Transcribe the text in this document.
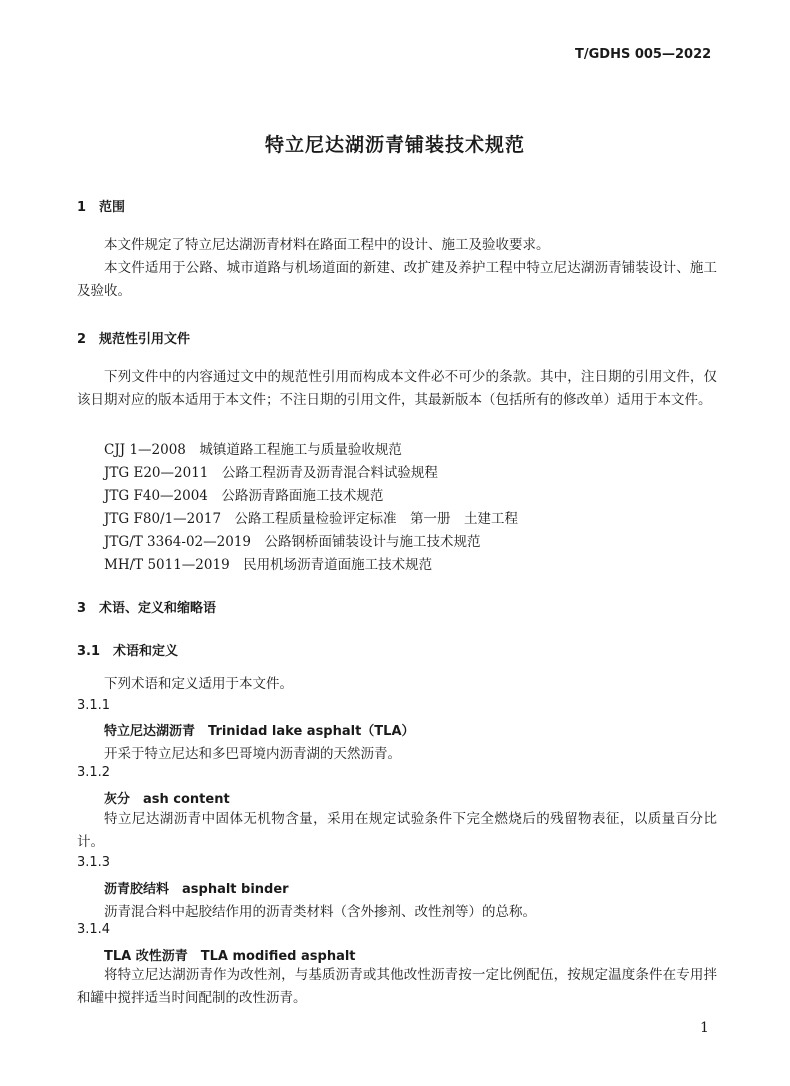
T/GDHS 005—2022
特立尼达湖沥青铺装技术规范
1　范围
本文件规定了特立尼达湖沥青材料在路面工程中的设计、施工及验收要求。
本文件适用于公路、城市道路与机场道面的新建、改扩建及养护工程中特立尼达湖沥青铺装设计、施工及验收。
2　规范性引用文件
下列文件中的内容通过文中的规范性引用而构成本文件必不可少的条款。其中，注日期的引用文件，仅该日期对应的版本适用于本文件；不注日期的引用文件，其最新版本（包括所有的修改单）适用于本文件。
CJJ 1—2008　城镇道路工程施工与质量验收规范
JTG E20—2011　公路工程沥青及沥青混合料试验规程
JTG F40—2004　公路沥青路面施工技术规范
JTG F80/1—2017　公路工程质量检验评定标准　第一册　土建工程
JTG/T 3364-02—2019　公路钢桥面铺装设计与施工技术规范
MH/T 5011—2019　民用机场沥青道面施工技术规范
3　术语、定义和缩略语
3.1　术语和定义
下列术语和定义适用于本文件。
3.1.1
特立尼达湖沥青　Trinidad lake asphalt（TLA）
开采于特立尼达和多巴哥境内沥青湖的天然沥青。
3.1.2
灰分　ash content
特立尼达湖沥青中固体无机物含量，采用在规定试验条件下完全燃烧后的残留物表征，以质量百分比计。
3.1.3
沥青胶结料　asphalt binder
沥青混合料中起胶结作用的沥青类材料（含外掺剂、改性剂等）的总称。
3.1.4
TLA 改性沥青　TLA modified asphalt
将特立尼达湖沥青作为改性剂，与基质沥青或其他改性沥青按一定比例配伍，按规定温度条件在专用拌和罐中搅拌适当时间配制的改性沥青。
1
